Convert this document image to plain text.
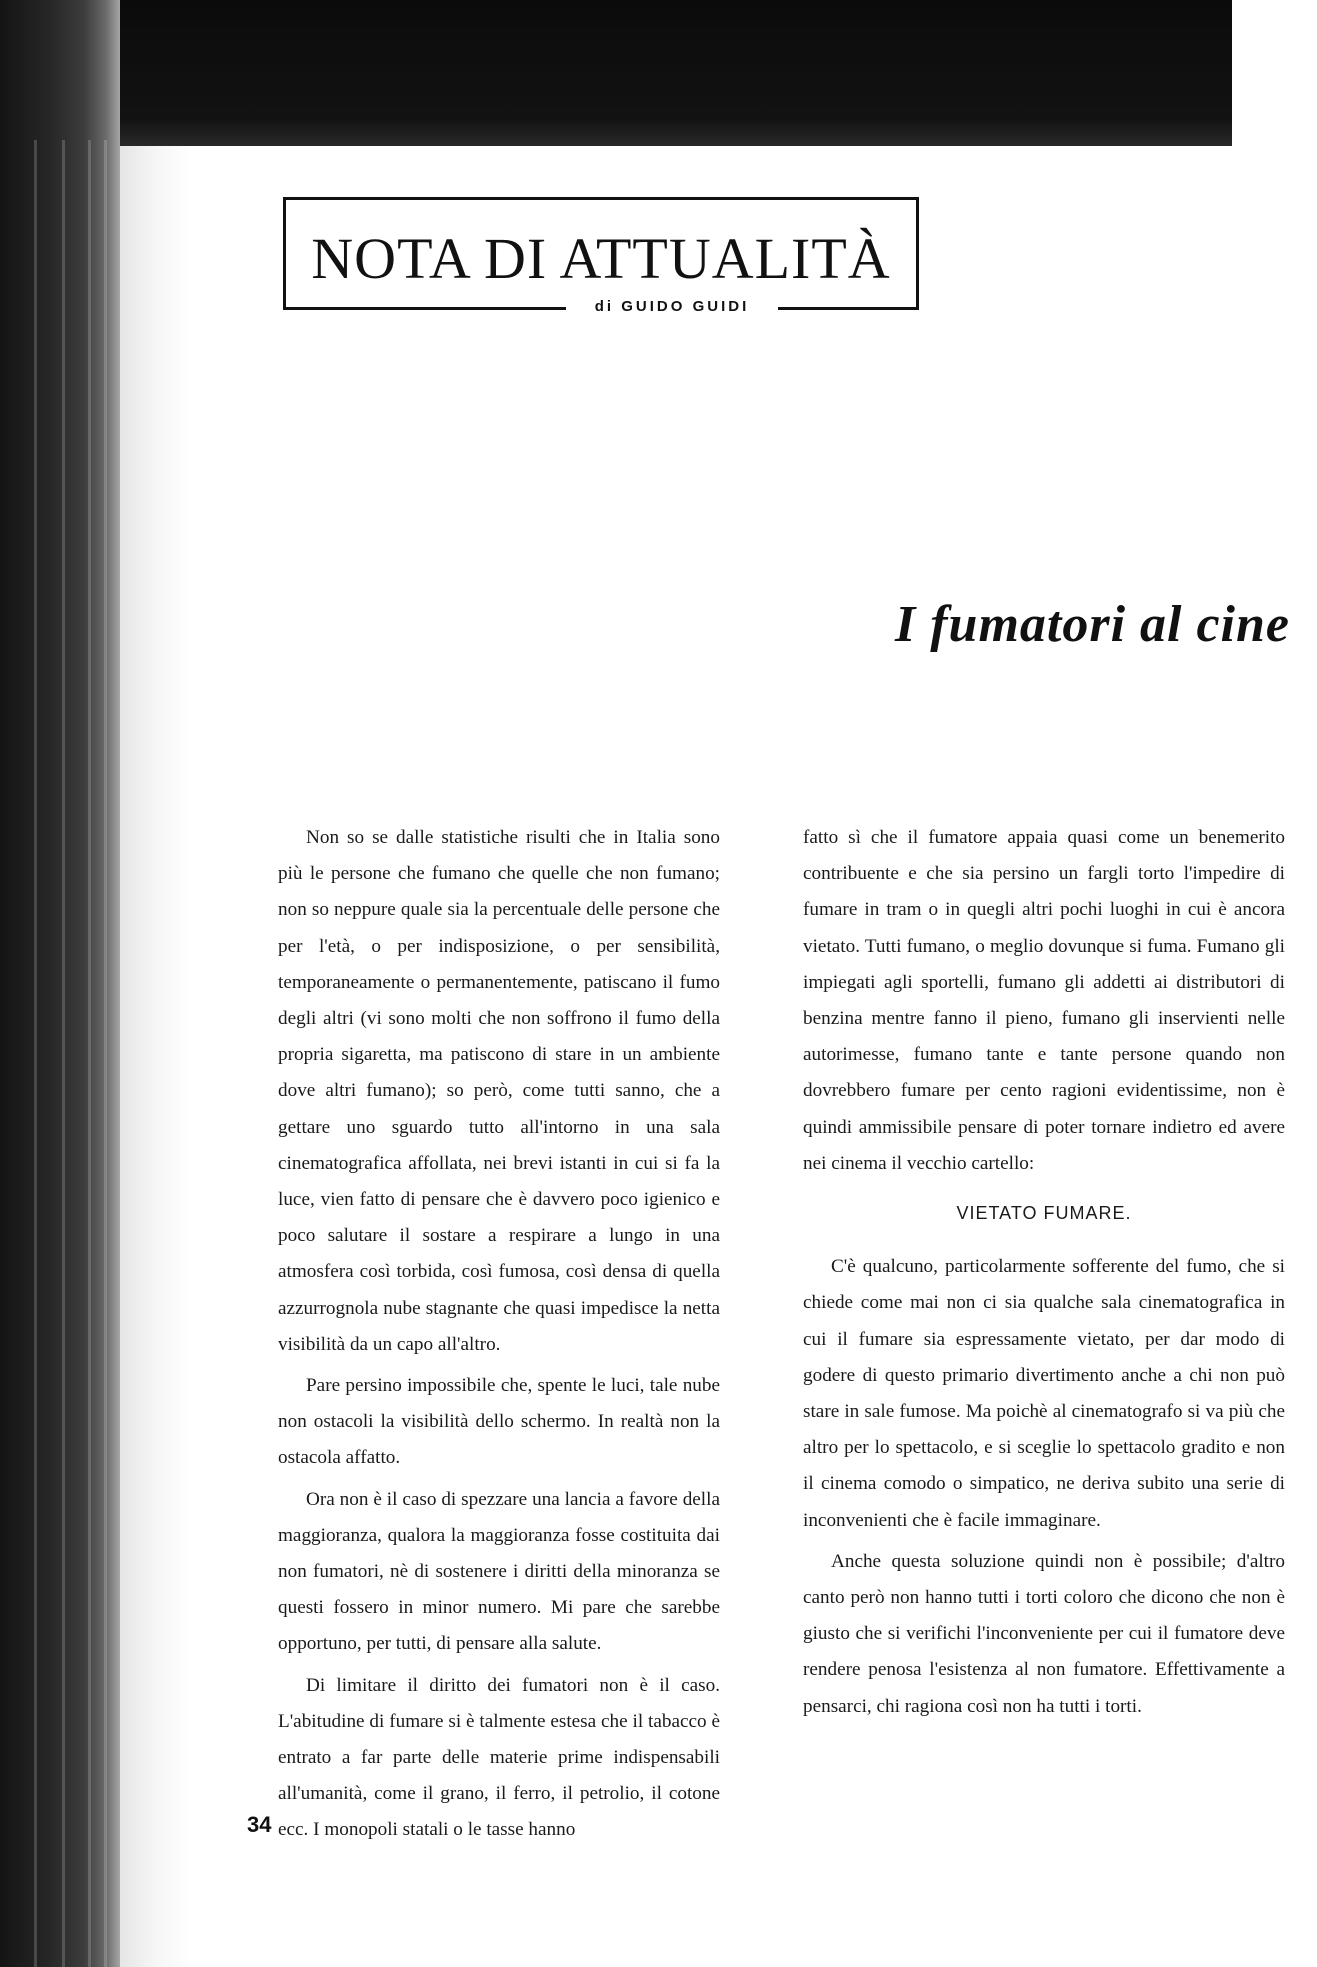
NOTA DI ATTUALITÀ
di GUIDO GUIDI
I fumatori al cine

Non so se dalle statistiche risulti che in Italia sono più le persone che fumano che quelle che non fumano; non so neppure quale sia la percentuale delle persone che per l'età, o per indisposizione, o per sensibilità, temporaneamente o permanentemente, patiscano il fumo degli altri (vi sono molti che non soffrono il fumo della propria sigaretta, ma patiscono di stare in un ambiente dove altri fumano); so però, come tutti sanno, che a gettare uno sguardo tutto all'intorno in una sala cinematografica affollata, nei brevi istanti in cui si fa la luce, vien fatto di pensare che è davvero poco igienico e poco salutare il sostare a respirare a lungo in una atmosfera così torbida, così fumosa, così densa di quella azzurrognola nube stagnante che quasi impedisce la netta visibilità da un capo all'altro.

Pare persino impossibile che, spente le luci, tale nube non ostacoli la visibilità dello schermo. In realtà non la ostacola affatto.

Ora non è il caso di spezzare una lancia a favore della maggioranza, qualora la maggioranza fosse costituita dai non fumatori, nè di sostenere i diritti della minoranza se questi fossero in minor numero. Mi pare che sarebbe opportuno, per tutti, di pensare alla salute.

Di limitare il diritto dei fumatori non è il caso. L'abitudine di fumare si è talmente estesa che il tabacco è entrato a far parte delle materie prime indispensabili all'umanità, come il grano, il ferro, il petrolio, il cotone ecc. I monopoli statali o le tasse hanno

fatto sì che il fumatore appaia quasi come un benemerito contribuente e che sia persino un fargli torto l'impedire di fumare in tram o in quegli altri pochi luoghi in cui è ancora vietato. Tutti fumano, o meglio dovunque si fuma. Fumano gli impiegati agli sportelli, fumano gli addetti ai distributori di benzina mentre fanno il pieno, fumano gli inservienti nelle autorimesse, fumano tante e tante persone quando non dovrebbero fumare per cento ragioni evidentissime, non è quindi ammissibile pensare di poter tornare indietro ed avere nei cinema il vecchio cartello:

VIETATO FUMARE.

C'è qualcuno, particolarmente sofferente del fumo, che si chiede come mai non ci sia qualche sala cinematografica in cui il fumare sia espressamente vietato, per dar modo di godere di questo primario divertimento anche a chi non può stare in sale fumose. Ma poichè al cinematografo si va più che altro per lo spettacolo, e si sceglie lo spettacolo gradito e non il cinema comodo o simpatico, ne deriva subito una serie di inconvenienti che è facile immaginare.

Anche questa soluzione quindi non è possibile; d'altro canto però non hanno tutti i torti coloro che dicono che non è giusto che si verifichi l'inconveniente per cui il fumatore deve rendere penosa l'esistenza al non fumatore. Effettivamente a pensarci, chi ragiona così non ha tutti i torti.

34
